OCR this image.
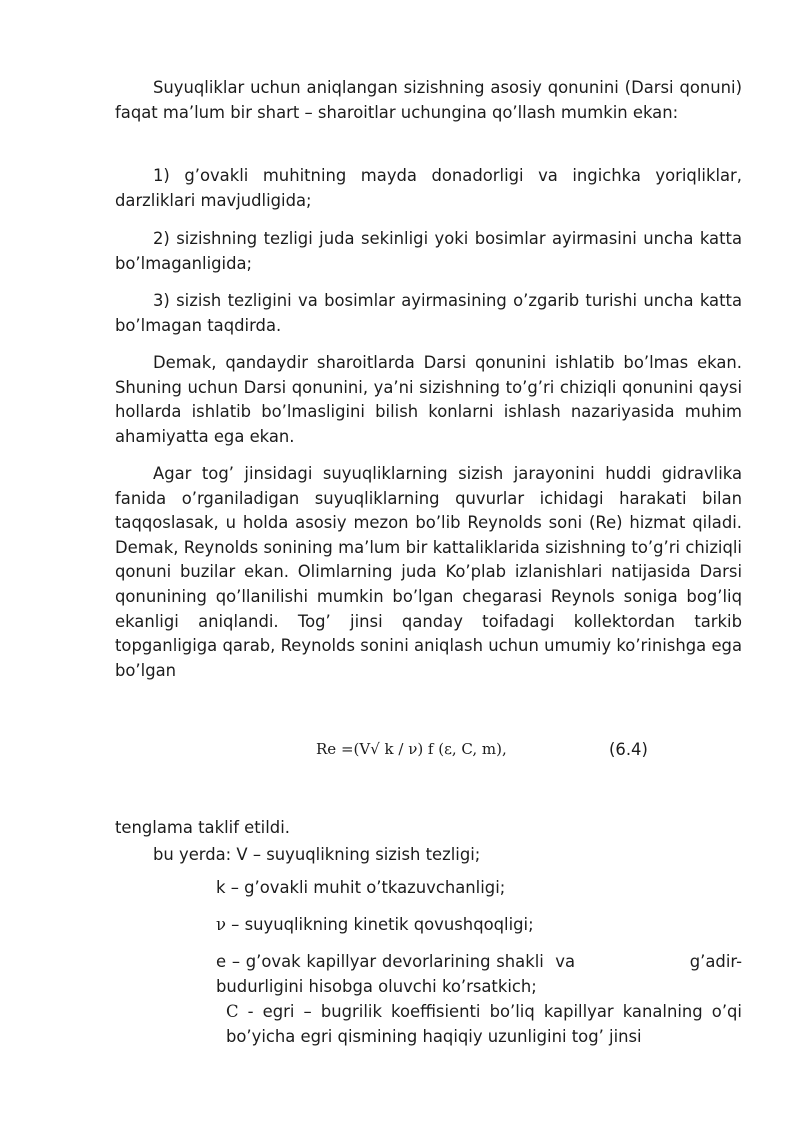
Suyuqliklar uchun aniqlangan sizishning asosiy qonunini (Darsi qonuni) faqat ma’lum bir shart – sharoitlar uchungina qo’llash mumkin ekan:

1) g’ovakli muhitning mayda donadorligi va ingichka yoriqliklar, darzliklari mavjudligida;

2) sizishning tezligi juda sekinligi yoki bosimlar ayirmasini uncha katta bo’lmaganligida;

3) sizish tezligini va bosimlar ayirmasining o’zgarib turishi uncha katta bo’lmagan taqdirda.

Demak, qandaydir sharoitlarda Darsi qonunini ishlatib bo’lmas ekan. Shuning uchun Darsi qonunini, ya’ni sizishning to’g’ri chiziqli qonunini qaysi hollarda ishlatib bo’lmasligini bilish konlarni ishlash nazariyasida muhim ahamiyatta ega ekan.

Agar tog’ jinsidagi suyuqliklarning sizish jarayonini huddi gidravlika fanida o’rganiladigan suyuqliklarning quvurlar ichidagi harakati bilan taqqoslasak, u holda asosiy mezon bo’lib Reynolds soni (Re) hizmat qiladi. Demak, Reynolds sonining ma’lum bir kattaliklarida sizishning to’g’ri chiziqli qonuni buzilar ekan. Olimlarning juda Ko’plab izlanishlari natijasida Darsi qonunining qo’llanilishi mumkin bo’lgan chegarasi Reynols soniga bog’liq ekanligi aniqlandi. Tog’ jinsi qanday toifadagi kollektordan tarkib topganligiga qarab, Reynolds sonini aniqlash uchun umumiy ko’rinishga ega bo’lgan

Re =(V√ k / ν) f (ε, C, m),	(6.4)
tenglama taklif etildi.
bu yerda: V – suyuqlikning sizish tezligi;
k – g’ovakli muhit o’tkazuvchanligi;
ν – suyuqlikning kinetik qovushqoqligi;

e – g’ovak kapillyar devorlarining shakli  va                    g’adir-budurligini hisobga oluvchi ko’rsatkich;

C - egri – bugrilik koeffisienti bo’liq kapillyar kanalning o’qi bo’yicha egri qismining haqiqiy uzunligini tog’ jinsi
